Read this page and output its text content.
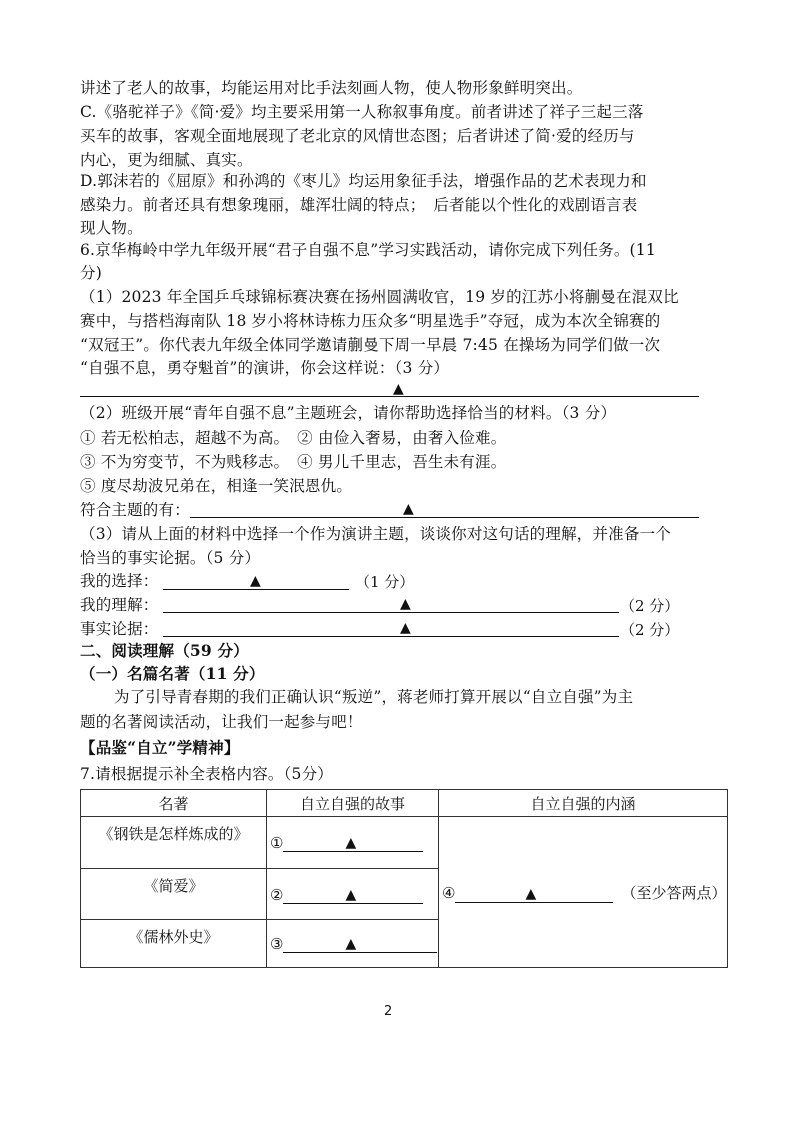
讲述了老人的故事，均能运用对比手法刻画人物，使人物形象鲜明突出。
C.《骆驼祥子》《简·爱》均主要采用第一人称叙事角度。前者讲述了祥子三起三落
买车的故事，客观全面地展现了老北京的风情世态图；后者讲述了简·爱的经历与
内心，更为细腻、真实。
D.郭沫若的《屈原》和孙鸿的《枣儿》均运用象征手法，增强作品的艺术表现力和
感染力。前者还具有想象瑰丽，雄浑壮阔的特点；　后者能以个性化的戏剧语言表
现人物。
6.京华梅岭中学九年级开展“君子自强不息”学习实践活动，请你完成下列任务。(11
分)
（1）2023 年全国乒乓球锦标赛决赛在扬州圆满收官，19 岁的江苏小将蒯曼在混双比
赛中，与搭档海南队 18 岁小将林诗栋力压众多“明星选手”夺冠，成为本次全锦赛的
“双冠王”。你代表九年级全体同学邀请蒯曼下周一早晨 7:45 在操场为同学们做一次
“自强不息，勇夺魁首”的演讲，你会这样说：（3 分）
▲
（2）班级开展“青年自强不息”主题班会，请你帮助选择恰当的材料。（3 分）
① 若无松柏志，超越不为高。　② 由俭入奢易，由奢入俭难。
③ 不为穷变节，不为贱移志。　④ 男儿千里志，吾生未有涯。
⑤ 度尽劫波兄弟在，相逢一笑泯恩仇。
符合主题的有：	▲
（3）请从上面的材料中选择一个作为演讲主题，谈谈你对这句话的理解，并准备一个
恰当的事实论据。（5 分）
我的选择：	▲	（1 分）
我的理解：	▲	（2 分）
事实论据：	▲	（2 分）
二、阅读理解（59 分）
（一）名篇名著（11 分）
为了引导青春期的我们正确认识“叛逆”，蒋老师打算开展以“自立自强”为主
题的名著阅读活动，让我们一起参与吧！
【品鉴“自立”学精神】
7.请根据提示补全表格内容。（5分）
名著	自立自强的故事	自立自强的内涵
《钢铁是怎样炼成的》	① ▲	④ ▲ （至少答两点）
《简爱》	② ▲	

《儒林外史》	③ ▲	
2
